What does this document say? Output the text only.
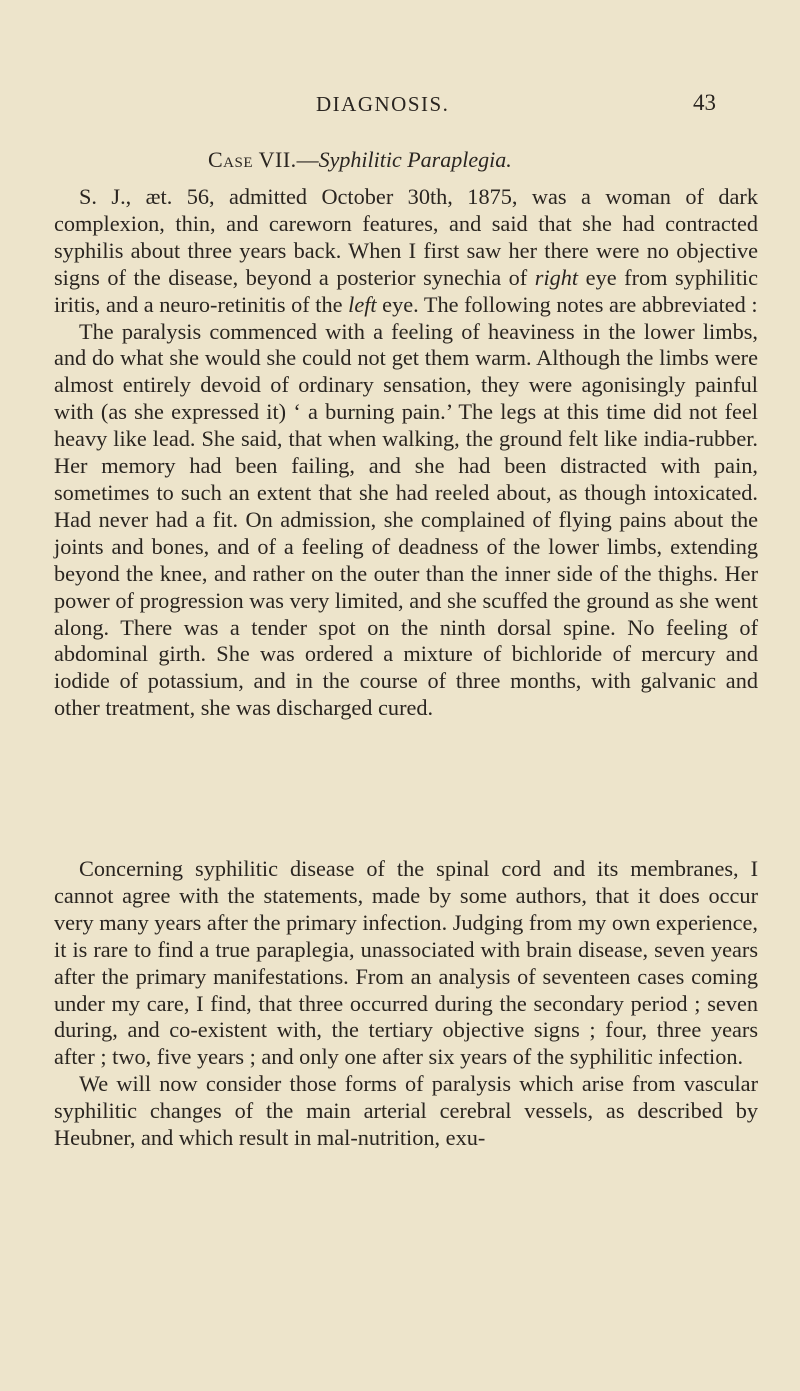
DIAGNOSIS.	43
Case VII.—Syphilitic Paraplegia.

S. J., æt. 56, admitted October 30th, 1875, was a woman of dark complexion, thin, and careworn features, and said that she had contracted syphilis about three years back. When I first saw her there were no objective signs of the disease, beyond a posterior synechia of right eye from syphilitic iritis, and a neuro-retinitis of the left eye. The following notes are abbreviated :

The paralysis commenced with a feeling of heaviness in the lower limbs, and do what she would she could not get them warm. Although the limbs were almost entirely devoid of ordinary sensation, they were agonisingly painful with (as she expressed it) ‘ a burning pain.’ The legs at this time did not feel heavy like lead. She said, that when walking, the ground felt like india-rubber. Her memory had been failing, and she had been distracted with pain, sometimes to such an extent that she had reeled about, as though intoxicated. Had never had a fit. On admission, she complained of flying pains about the joints and bones, and of a feeling of deadness of the lower limbs, extending beyond the knee, and rather on the outer than the inner side of the thighs. Her power of progression was very limited, and she scuffed the ground as she went along. There was a tender spot on the ninth dorsal spine. No feeling of abdominal girth. She was ordered a mixture of bichloride of mercury and iodide of potassium, and in the course of three months, with galvanic and other treatment, she was discharged cured.

Concerning syphilitic disease of the spinal cord and its membranes, I cannot agree with the statements, made by some authors, that it does occur very many years after the primary infection. Judging from my own experience, it is rare to find a true paraplegia, unassociated with brain disease, seven years after the primary manifestations. From an analysis of seventeen cases coming under my care, I find, that three occurred during the secondary period ; seven during, and co-existent with, the tertiary objective signs ; four, three years after ; two, five years ; and only one after six years of the syphilitic infection.

We will now consider those forms of paralysis which arise from vascular syphilitic changes of the main arterial cerebral vessels, as described by Heubner, and which result in mal-nutrition, exu-
